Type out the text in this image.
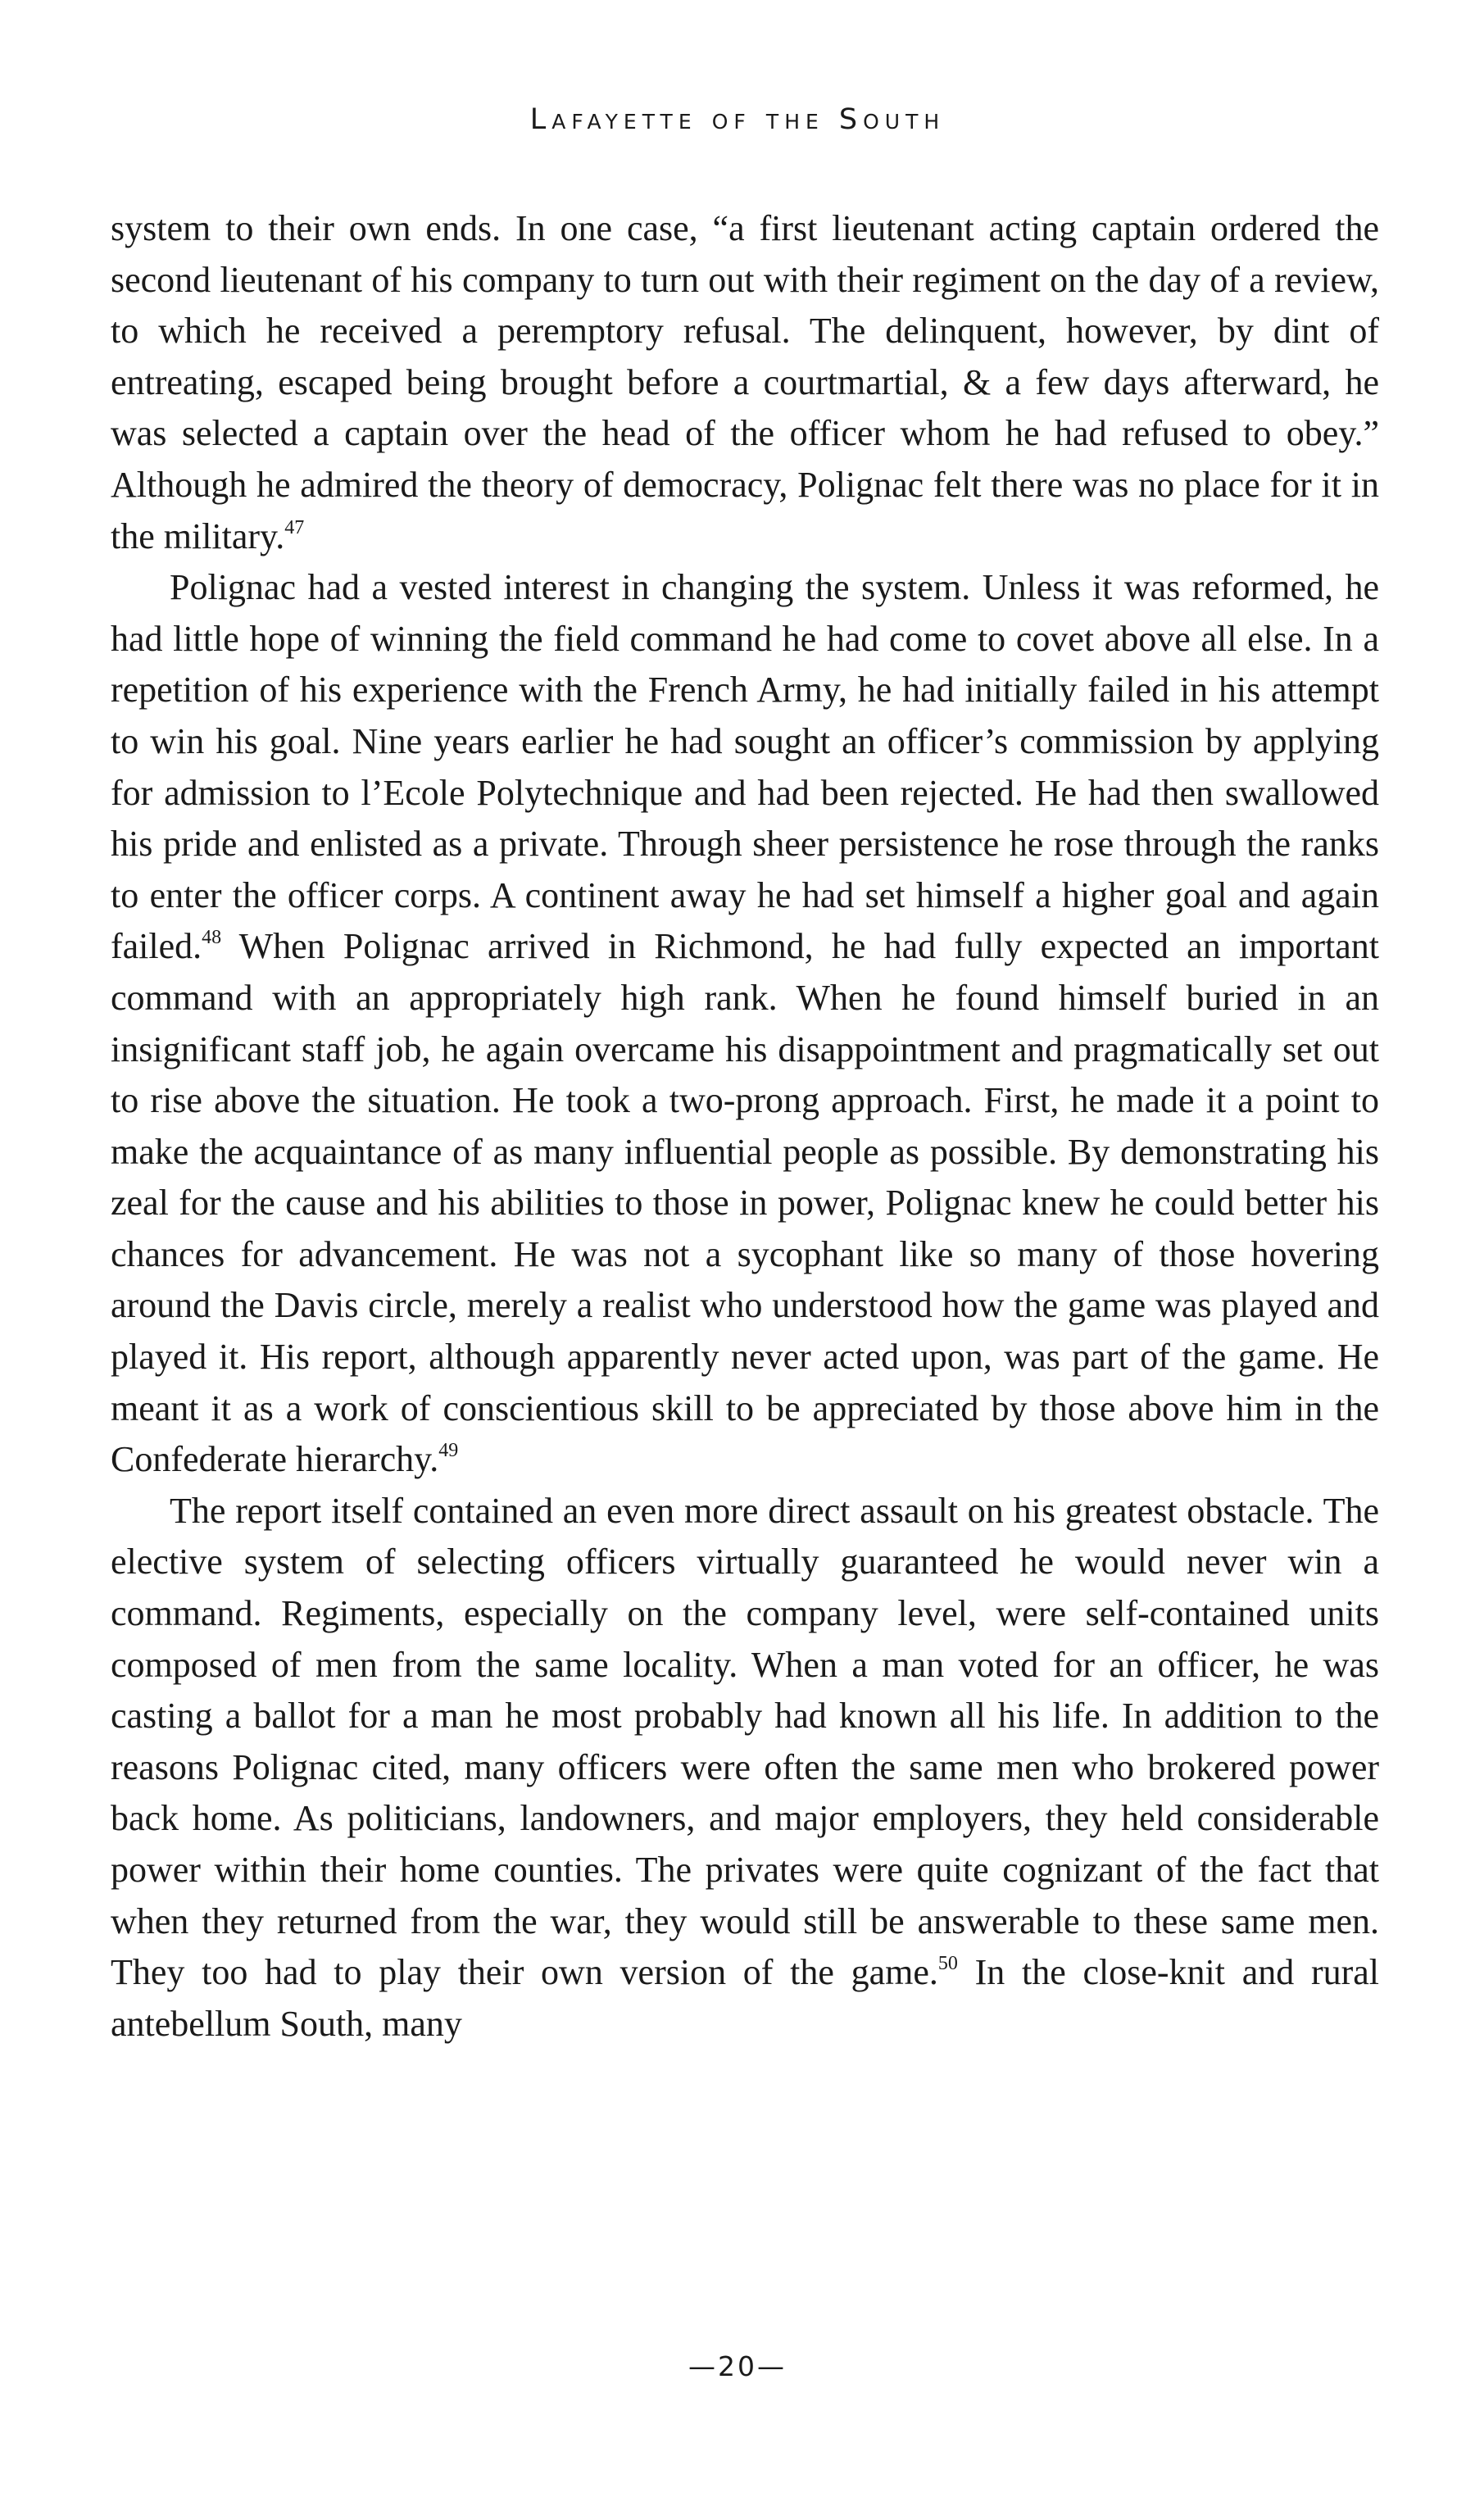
Lafayette of the South

system to their own ends. In one case, “a first lieutenant acting captain ordered the second lieutenant of his company to turn out with their regiment on the day of a review, to which he received a peremptory refusal. The delinquent, however, by dint of entreating, escaped being brought before a courtmartial, & a few days afterward, he was selected a captain over the head of the officer whom he had refused to obey.” Although he admired the theory of democracy, Polignac felt there was no place for it in the military.$^{47}$

Polignac had a vested interest in changing the system. Unless it was reformed, he had little hope of winning the field command he had come to covet above all else. In a repetition of his experience with the French Army, he had initially failed in his attempt to win his goal. Nine years earlier he had sought an officer’s commission by applying for admission to l’Ecole Polytechnique and had been rejected. He had then swallowed his pride and enlisted as a private. Through sheer persistence he rose through the ranks to enter the officer corps. A continent away he had set himself a higher goal and again failed.$^{48}$ When Polignac arrived in Richmond, he had fully expected an important command with an appropriately high rank. When he found himself buried in an insignificant staff job, he again overcame his disappointment and pragmatically set out to rise above the situation. He took a two-prong approach. First, he made it a point to make the acquaintance of as many influential people as possible. By demonstrating his zeal for the cause and his abilities to those in power, Polignac knew he could better his chances for advancement. He was not a sycophant like so many of those hovering around the Davis circle, merely a realist who understood how the game was played and played it. His report, although apparently never acted upon, was part of the game. He meant it as a work of conscientious skill to be appreciated by those above him in the Confederate hierarchy.$^{49}$

The report itself contained an even more direct assault on his greatest obstacle. The elective system of selecting officers virtually guaranteed he would never win a command. Regiments, especially on the company level, were self-contained units composed of men from the same locality. When a man voted for an officer, he was casting a ballot for a man he most probably had known all his life. In addition to the reasons Polignac cited, many officers were often the same men who brokered power back home. As politicians, landowners, and major employers, they held considerable power within their home counties. The privates were quite cognizant of the fact that when they returned from the war, they would still be answerable to these same men. They too had to play their own version of the game.$^{50}$ In the close-knit and rural antebellum South, many

—20—
